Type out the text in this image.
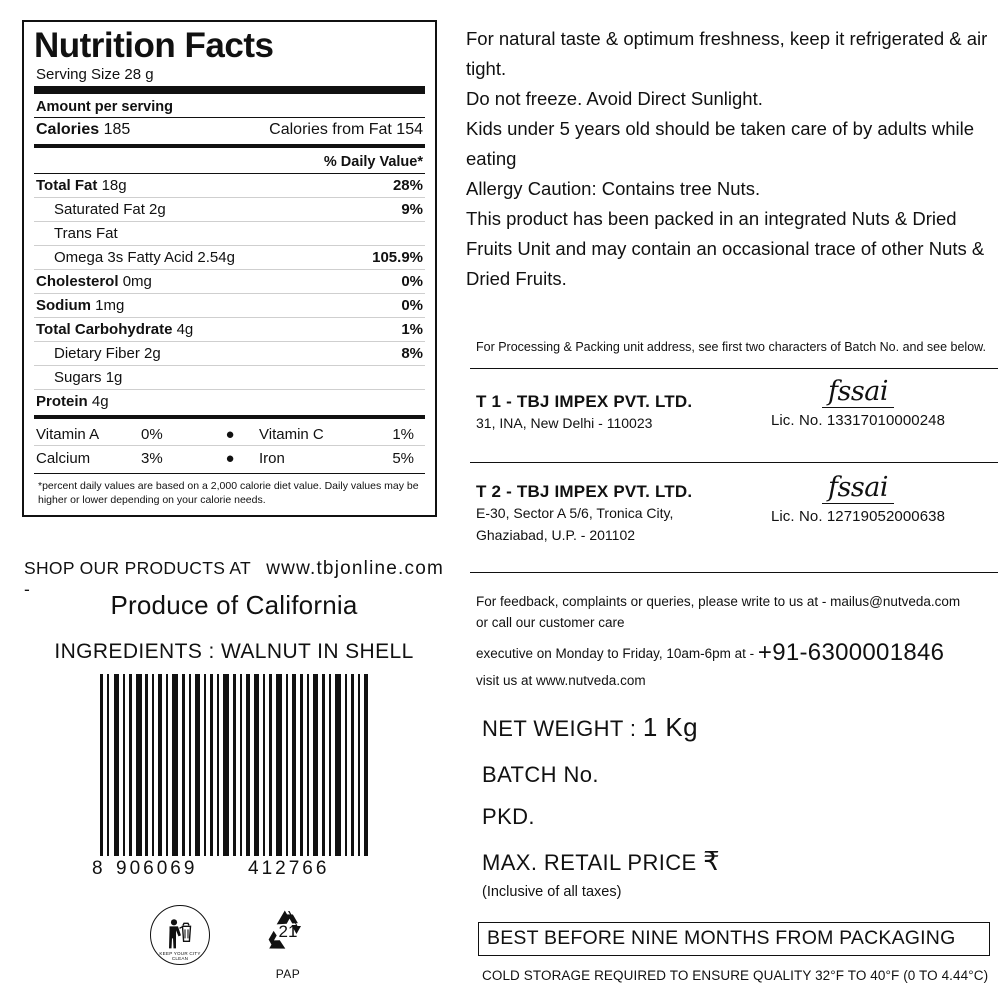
Nutrition Facts
Serving Size 28 g
Amount per serving
Calories 185	Calories from Fat 154
% Daily Value*
Total Fat 18g	28%
Saturated Fat 2g	9%
Trans Fat
Omega 3s Fatty Acid 2.54g	105.9%
Cholesterol 0mg	0%
Sodium 1mg	0%
Total Carbohydrate 4g	1%
Dietary Fiber 2g	8%
Sugars 1g
Protein 4g
Vitamin A	0%	●	Vitamin C	1%
Calcium	3%	●	Iron	5%
*percent daily values are based on a 2,000 calorie diet value. Daily values may be higher or lower depending on your calorie needs.
SHOP OUR PRODUCTS AT -
www.tbjonline.com
Produce of California
INGREDIENTS : WALNUT IN SHELL
8 906069	412766
KEEP YOUR CITY CLEAN
21
PAP

For natural taste & optimum freshness, keep it refrigerated & air tight.

Do not freeze. Avoid Direct Sunlight.

Kids under 5 years old should be taken care of by adults while eating

Allergy Caution: Contains tree Nuts.

This product has been packed in an integrated Nuts & Dried Fruits Unit and may contain an occasional trace of other Nuts & Dried Fruits.

For Processing & Packing unit address, see first two characters of Batch No. and see below.
T 1 - TBJ IMPEX PVT. LTD.
31, INA, New Delhi - 110023
fssai
Lic. No. 13317010000248
T 2 - TBJ IMPEX PVT. LTD.
E-30, Sector A 5/6, Tronica City,
Ghaziabad, U.P. - 201102
fssai
Lic. No. 12719052000638
For feedback, complaints or queries, please write to us at - mailus@nutveda.com
or call our customer care
executive on Monday to Friday, 10am-6pm at - +91-6300001846
visit us at www.nutveda.com
NET WEIGHT : 1 Kg
BATCH No.
PKD.
MAX. RETAIL PRICE ₹
(Inclusive of all taxes)
BEST BEFORE NINE MONTHS FROM PACKAGING
COLD STORAGE REQUIRED TO ENSURE QUALITY 32°F TO 40°F (0 TO 4.44°C)
